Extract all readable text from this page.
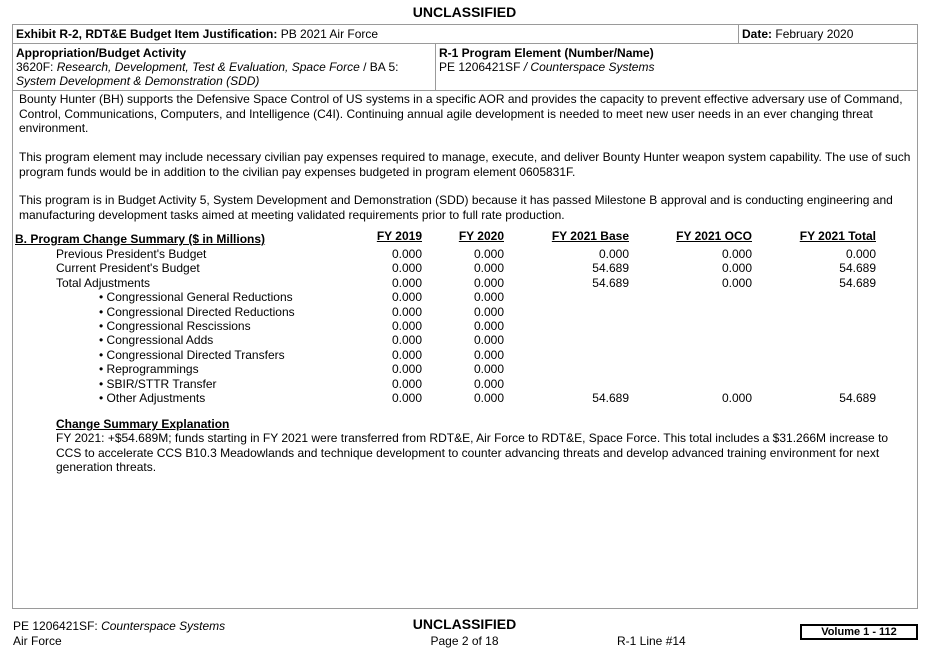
UNCLASSIFIED
Exhibit R-2, RDT&E Budget Item Justification: PB 2021 Air Force	Date: February 2020
Appropriation/Budget Activity
3620F: Research, Development, Test & Evaluation, Space Force / BA 5:
System Development & Demonstration (SDD)
R-1 Program Element (Number/Name)
PE 1206421SF / Counterspace Systems
Bounty Hunter (BH) supports the Defensive Space Control of US systems in a specific AOR and provides the capacity to prevent effective adversary use of Command, Control, Communications, Computers, and Intelligence (C4I). Continuing annual agile development is needed to meet new user needs in an ever changing threat environment.
This program element may include necessary civilian pay expenses required to manage, execute, and deliver Bounty Hunter weapon system capability. The use of such program funds would be in addition to the civilian pay expenses budgeted in program element 0605831F.
This program is in Budget Activity 5, System Development and Demonstration (SDD) because it has passed Milestone B approval and is conducting engineering and manufacturing development tasks aimed at meeting validated requirements prior to full rate production.
B. Program Change Summary ($ in Millions)	FY 2019	FY 2020	FY 2021 Base	FY 2021 OCO	FY 2021 Total
Previous President's Budget	0.000	0.000	0.000	0.000	0.000
Current President's Budget	0.000	0.000	54.689	0.000	54.689
Total Adjustments	0.000	0.000	54.689	0.000	54.689
• Congressional General Reductions	0.000	0.000
• Congressional Directed Reductions	0.000	0.000
• Congressional Rescissions	0.000	0.000
• Congressional Adds	0.000	0.000
• Congressional Directed Transfers	0.000	0.000
• Reprogrammings	0.000	0.000
• SBIR/STTR Transfer	0.000	0.000
• Other Adjustments	0.000	0.000	54.689	0.000	54.689
Change Summary Explanation
FY 2021: +$54.689M; funds starting in FY 2021 were transferred from RDT&E, Air Force to RDT&E, Space Force. This total includes a $31.266M increase to CCS to accelerate CCS B10.3 Meadowlands and technique development to counter advancing threats and develop advanced training environment for next generation threats.
PE 1206421SF: Counterspace Systems
Air Force
UNCLASSIFIED
Page 2 of 18	R-1 Line #14
Volume 1 - 112
